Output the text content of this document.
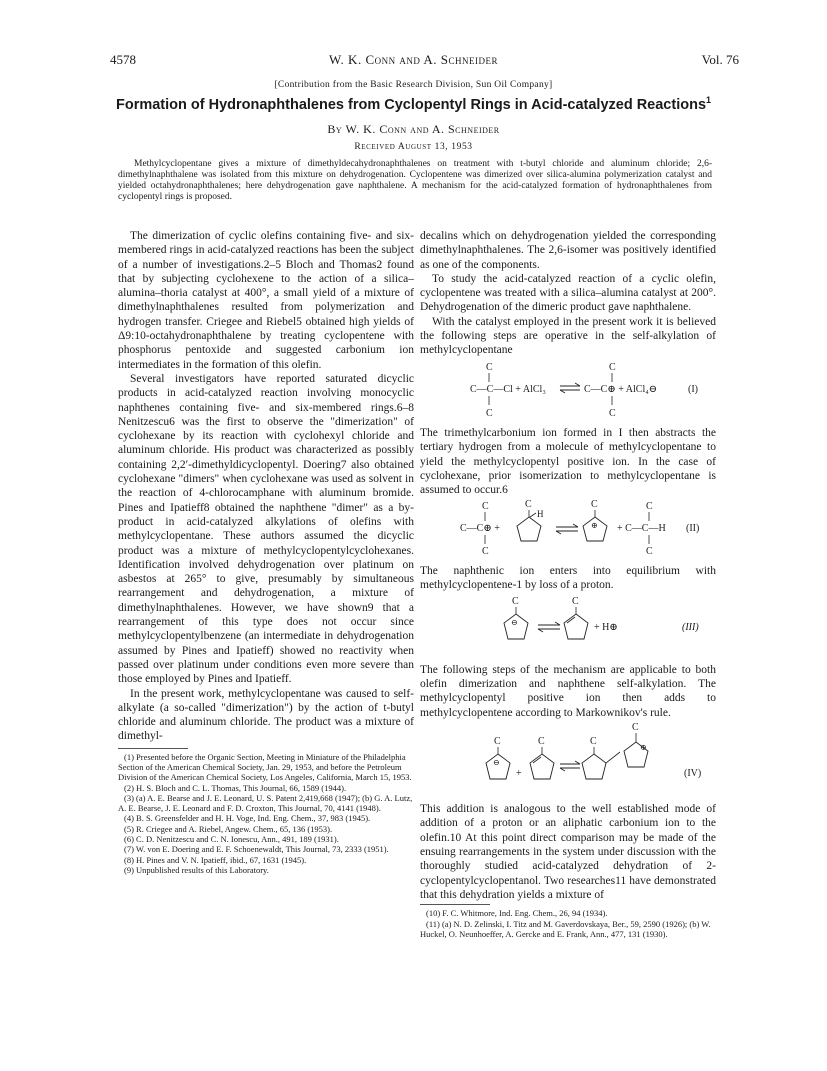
4578	W. K. Conn and A. Schneider	Vol. 76
[Contribution from the Basic Research Division, Sun Oil Company]
Formation of Hydronaphthalenes from Cyclopentyl Rings in Acid-catalyzed Reactions$^1$
By W. K. Conn and A. Schneider
Received August 13, 1953
Methylcyclopentane gives a mixture of dimethyldecahydronaphthalenes on treatment with t-butyl chloride and aluminum chloride; 2,6-dimethylnaphthalene was isolated from this mixture on dehydrogenation. Cyclopentene was dimerized over silica-alumina polymerization catalyst and yielded octahydronaphthalenes; here dehydrogenation gave naphthalene. A mechanism for the acid-catalyzed formation of hydronaphthalenes from cyclopentyl rings is proposed.

The dimerization of cyclic olefins containing five- and six-membered rings in acid-catalyzed reactions has been the subject of a number of investigations.2–5 Bloch and Thomas2 found that by subjecting cyclohexene to the action of a silica–alumina–thoria catalyst at 400°, a small yield of a mixture of dimethylnaphthalenes resulted from polymerization and hydrogen transfer. Criegee and Riebel5 obtained high yields of Δ9:10-octahydronaphthalene by treating cyclopentene with phosphorus pentoxide and suggested carbonium ion intermediates in the formation of this olefin.

Several investigators have reported saturated dicyclic products in acid-catalyzed reaction involving monocyclic naphthenes containing five- and six-membered rings.6–8 Nenitzescu6 was the first to observe the "dimerization" of cyclohexane by its reaction with cyclohexyl chloride and aluminum chloride. His product was characterized as possibly containing 2,2′-dimethyldicyclopentyl. Doering7 also obtained cyclohexane "dimers" when cyclohexane was used as solvent in the reaction of 4-chlorocamphane with aluminum bromide. Pines and Ipatieff8 obtained the naphthene "dimer" as a by-product in acid-catalyzed alkylations of olefins with methylcyclopentane. These authors assumed the dicyclic product was a mixture of methylcyclopentylcyclohexanes. Identification involved dehydrogenation over platinum on asbestos at 265° to give, presumably by simultaneous rearrangement and dehydrogenation, a mixture of dimethylnaphthalenes. However, we have shown9 that a rearrangement of this type does not occur since methylcyclopentylbenzene (an intermediate in dehydrogenation assumed by Pines and Ipatieff) showed no reactivity when passed over platinum under conditions even more severe than those employed by Pines and Ipatieff.

In the present work, methylcyclopentane was caused to self-alkylate (a so-called "dimerization") by the action of t-butyl chloride and aluminum chloride. The product was a mixture of dimethyl-

(1) Presented before the Organic Section, Meeting in Miniature of the Philadelphia Section of the American Chemical Society, Jan. 29, 1953, and before the Petroleum Division of the American Chemical Society, Los Angeles, California, March 15, 1953.
(2) H. S. Bloch and C. L. Thomas, This Journal, 66, 1589 (1944).
(3) (a) A. E. Bearse and J. E. Leonard, U. S. Patent 2,419,668 (1947); (b) G. A. Lutz, A. E. Bearse, J. E. Leonard and F. D. Croxton, This Journal, 70, 4141 (1948).
(4) B. S. Greensfelder and H. H. Voge, Ind. Eng. Chem., 37, 983 (1945).
(5) R. Criegee and A. Riebel, Angew. Chem., 65, 136 (1953).
(6) C. D. Nenitzescu and C. N. Ionescu, Ann., 491, 189 (1931).
(7) W. von E. Doering and E. F. Schoenewaldt, This Journal, 73, 2333 (1951).
(8) H. Pines and V. N. Ipatieff, ibid., 67, 1631 (1945).
(9) Unpublished results of this Laboratory.

decalins which on dehydrogenation yielded the corresponding dimethylnaphthalenes. The 2,6-isomer was positively identified as one of the components.

To study the acid-catalyzed reaction of a cyclic olefin, cyclopentene was treated with a silica–alumina catalyst at 200°. Dehydrogenation of the dimeric product gave naphthalene.

With the catalyst employed in the present work it is believed the following steps are operative in the self-alkylation of methylcyclopentane

C
C—C—Cl + AlCl₃
C
C
C—C⊕ + AlCl₄⊖
C
(I)

The trimethylcarbonium ion formed in I then abstracts the tertiary hydrogen from a molecule of methylcyclopentane to yield the methylcyclopentyl positive ion. In the case of cyclohexane, prior isomerization to methylcyclopentane is assumed to occur.6

C
C—C⊕ +
C
C
H
C
⊕ + C—C—H
C
C
(II)

The naphthenic ion enters into equilibrium with methylcyclopentene-1 by loss of a proton.

C
⊖
C
+ H⊕	(III)

The following steps of the mechanism are applicable to both olefin dimerization and naphthene self-alkylation. The methylcyclopentyl positive ion then adds to methylcyclopentene according to Markownikov's rule.

C
C
⊖
+
C	C
⊕
(IV)

This addition is analogous to the well established mode of addition of a proton or an aliphatic carbonium ion to the olefin.10 At this point direct comparison may be made of the ensuing rearrangements in the system under discussion with the thoroughly studied acid-catalyzed dehydration of 2-cyclopentylcyclopentanol. Two researches11 have demonstrated that this dehydration yields a mixture of

(10) F. C. Whitmore, Ind. Eng. Chem., 26, 94 (1934).
(11) (a) N. D. Zelinski, I. Titz and M. Gaverdovskaya, Ber., 59, 2590 (1926); (b) W. Huckel, O. Neunhoeffer, A. Gercke and E. Frank, Ann., 477, 131 (1930).
